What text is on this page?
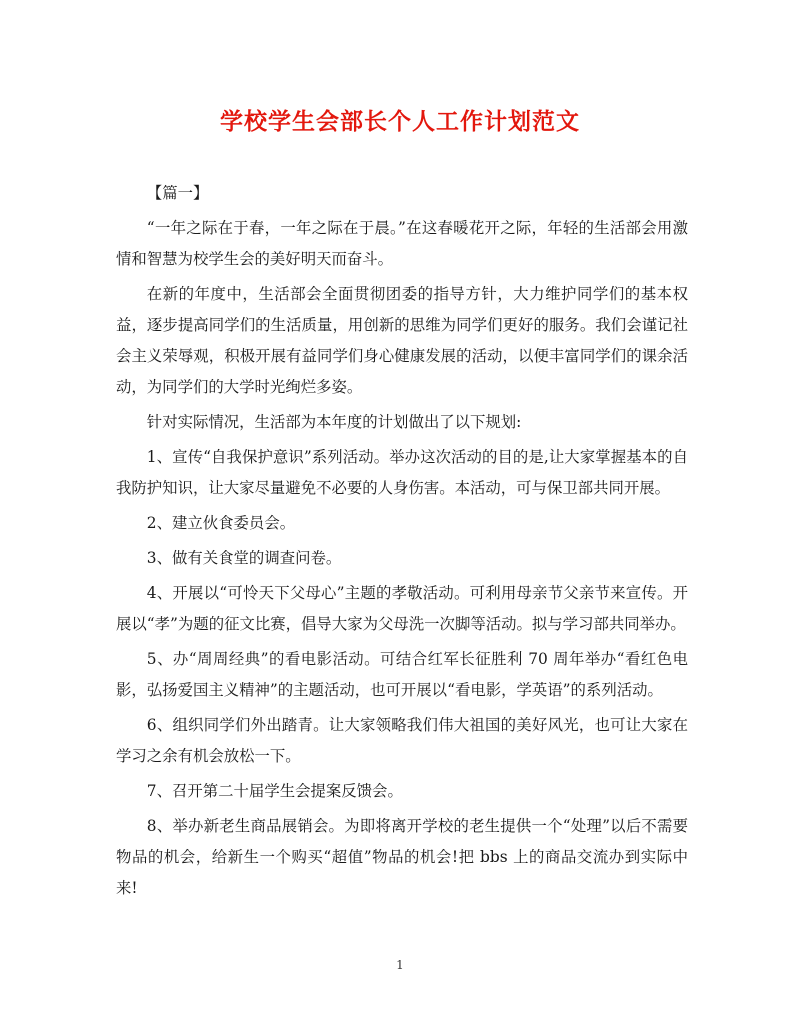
学校学生会部长个人工作计划范文

【篇一】

“一年之际在于春，一年之际在于晨。”在这春暖花开之际，年轻的生活部会用激情和智慧为校学生会的美好明天而奋斗。

在新的年度中，生活部会全面贯彻团委的指导方针，大力维护同学们的基本权益，逐步提高同学们的生活质量，用创新的思维为同学们更好的服务。我们会谨记社会主义荣辱观，积极开展有益同学们身心健康发展的活动，以便丰富同学们的课余活动，为同学们的大学时光绚烂多姿。

针对实际情况，生活部为本年度的计划做出了以下规划:

1、宣传“自我保护意识”系列活动。举办这次活动的目的是,让大家掌握基本的自我防护知识，让大家尽量避免不必要的人身伤害。本活动，可与保卫部共同开展。

2、建立伙食委员会。

3、做有关食堂的调查问卷。

4、开展以“可怜天下父母心”主题的孝敬活动。可利用母亲节父亲节来宣传。开展以“孝”为题的征文比赛，倡导大家为父母洗一次脚等活动。拟与学习部共同举办。

5、办“周周经典”的看电影活动。可结合红军长征胜利 70 周年举办“看红色电影，弘扬爱国主义精神”的主题活动，也可开展以“看电影，学英语”的系列活动。

6、组织同学们外出踏青。让大家领略我们伟大祖国的美好风光，也可让大家在学习之余有机会放松一下。

7、召开第二十届学生会提案反馈会。

8、举办新老生商品展销会。为即将离开学校的老生提供一个“处理”以后不需要物品的机会，给新生一个购买“超值”物品的机会!把 bbs 上的商品交流办到实际中来!

1
